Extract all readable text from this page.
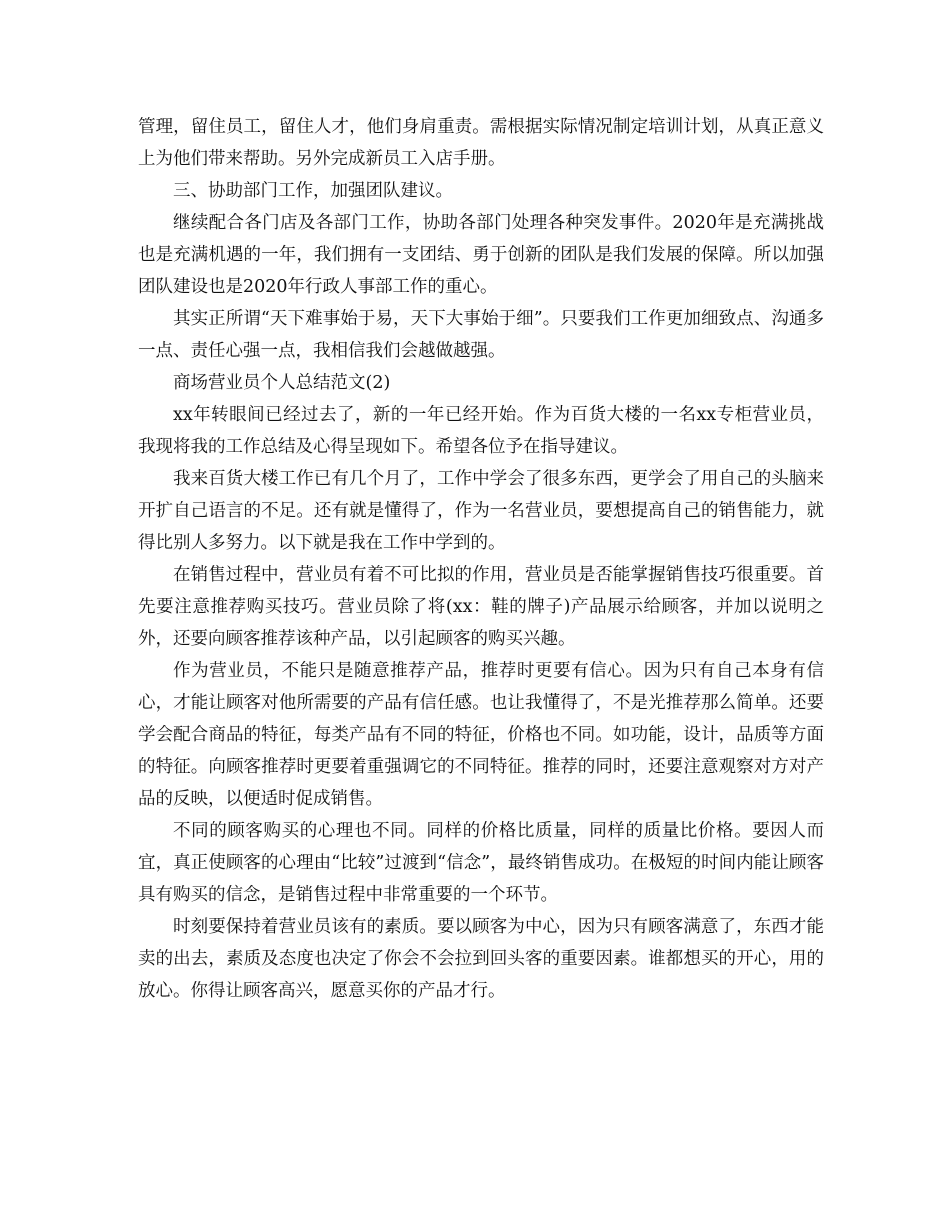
管理，留住员工，留住人才，他们身肩重责。需根据实际情况制定培训计划，从真正意义上为他们带来帮助。另外完成新员工入店手册。

三、协助部门工作，加强团队建议。

继续配合各门店及各部门工作，协助各部门处理各种突发事件。2020年是充满挑战也是充满机遇的一年，我们拥有一支团结、勇于创新的团队是我们发展的保障。所以加强团队建设也是2020年行政人事部工作的重心。

其实正所谓“天下难事始于易，天下大事始于细”。只要我们工作更加细致点、沟通多一点、责任心强一点，我相信我们会越做越强。

商场营业员个人总结范文(2)

xx年转眼间已经过去了，新的一年已经开始。作为百货大楼的一名xx专柜营业员，我现将我的工作总结及心得呈现如下。希望各位予在指导建议。

我来百货大楼工作已有几个月了，工作中学会了很多东西，更学会了用自己的头脑来开扩自己语言的不足。还有就是懂得了，作为一名营业员，要想提高自己的销售能力，就得比别人多努力。以下就是我在工作中学到的。

在销售过程中，营业员有着不可比拟的作用，营业员是否能掌握销售技巧很重要。首先要注意推荐购买技巧。营业员除了将(xx：鞋的牌子)产品展示给顾客，并加以说明之外，还要向顾客推荐该种产品，以引起顾客的购买兴趣。

作为营业员，不能只是随意推荐产品，推荐时更要有信心。因为只有自己本身有信心，才能让顾客对他所需要的产品有信任感。也让我懂得了，不是光推荐那么简单。还要学会配合商品的特征，每类产品有不同的特征，价格也不同。如功能，设计，品质等方面的特征。向顾客推荐时更要着重强调它的不同特征。推荐的同时，还要注意观察对方对产品的反映，以便适时促成销售。

不同的顾客购买的心理也不同。同样的价格比质量，同样的质量比价格。要因人而宜，真正使顾客的心理由“比较”过渡到“信念”，最终销售成功。在极短的时间内能让顾客具有购买的信念，是销售过程中非常重要的一个环节。

时刻要保持着营业员该有的素质。要以顾客为中心，因为只有顾客满意了，东西才能卖的出去，素质及态度也决定了你会不会拉到回头客的重要因素。谁都想买的开心，用的放心。你得让顾客高兴，愿意买你的产品才行。
